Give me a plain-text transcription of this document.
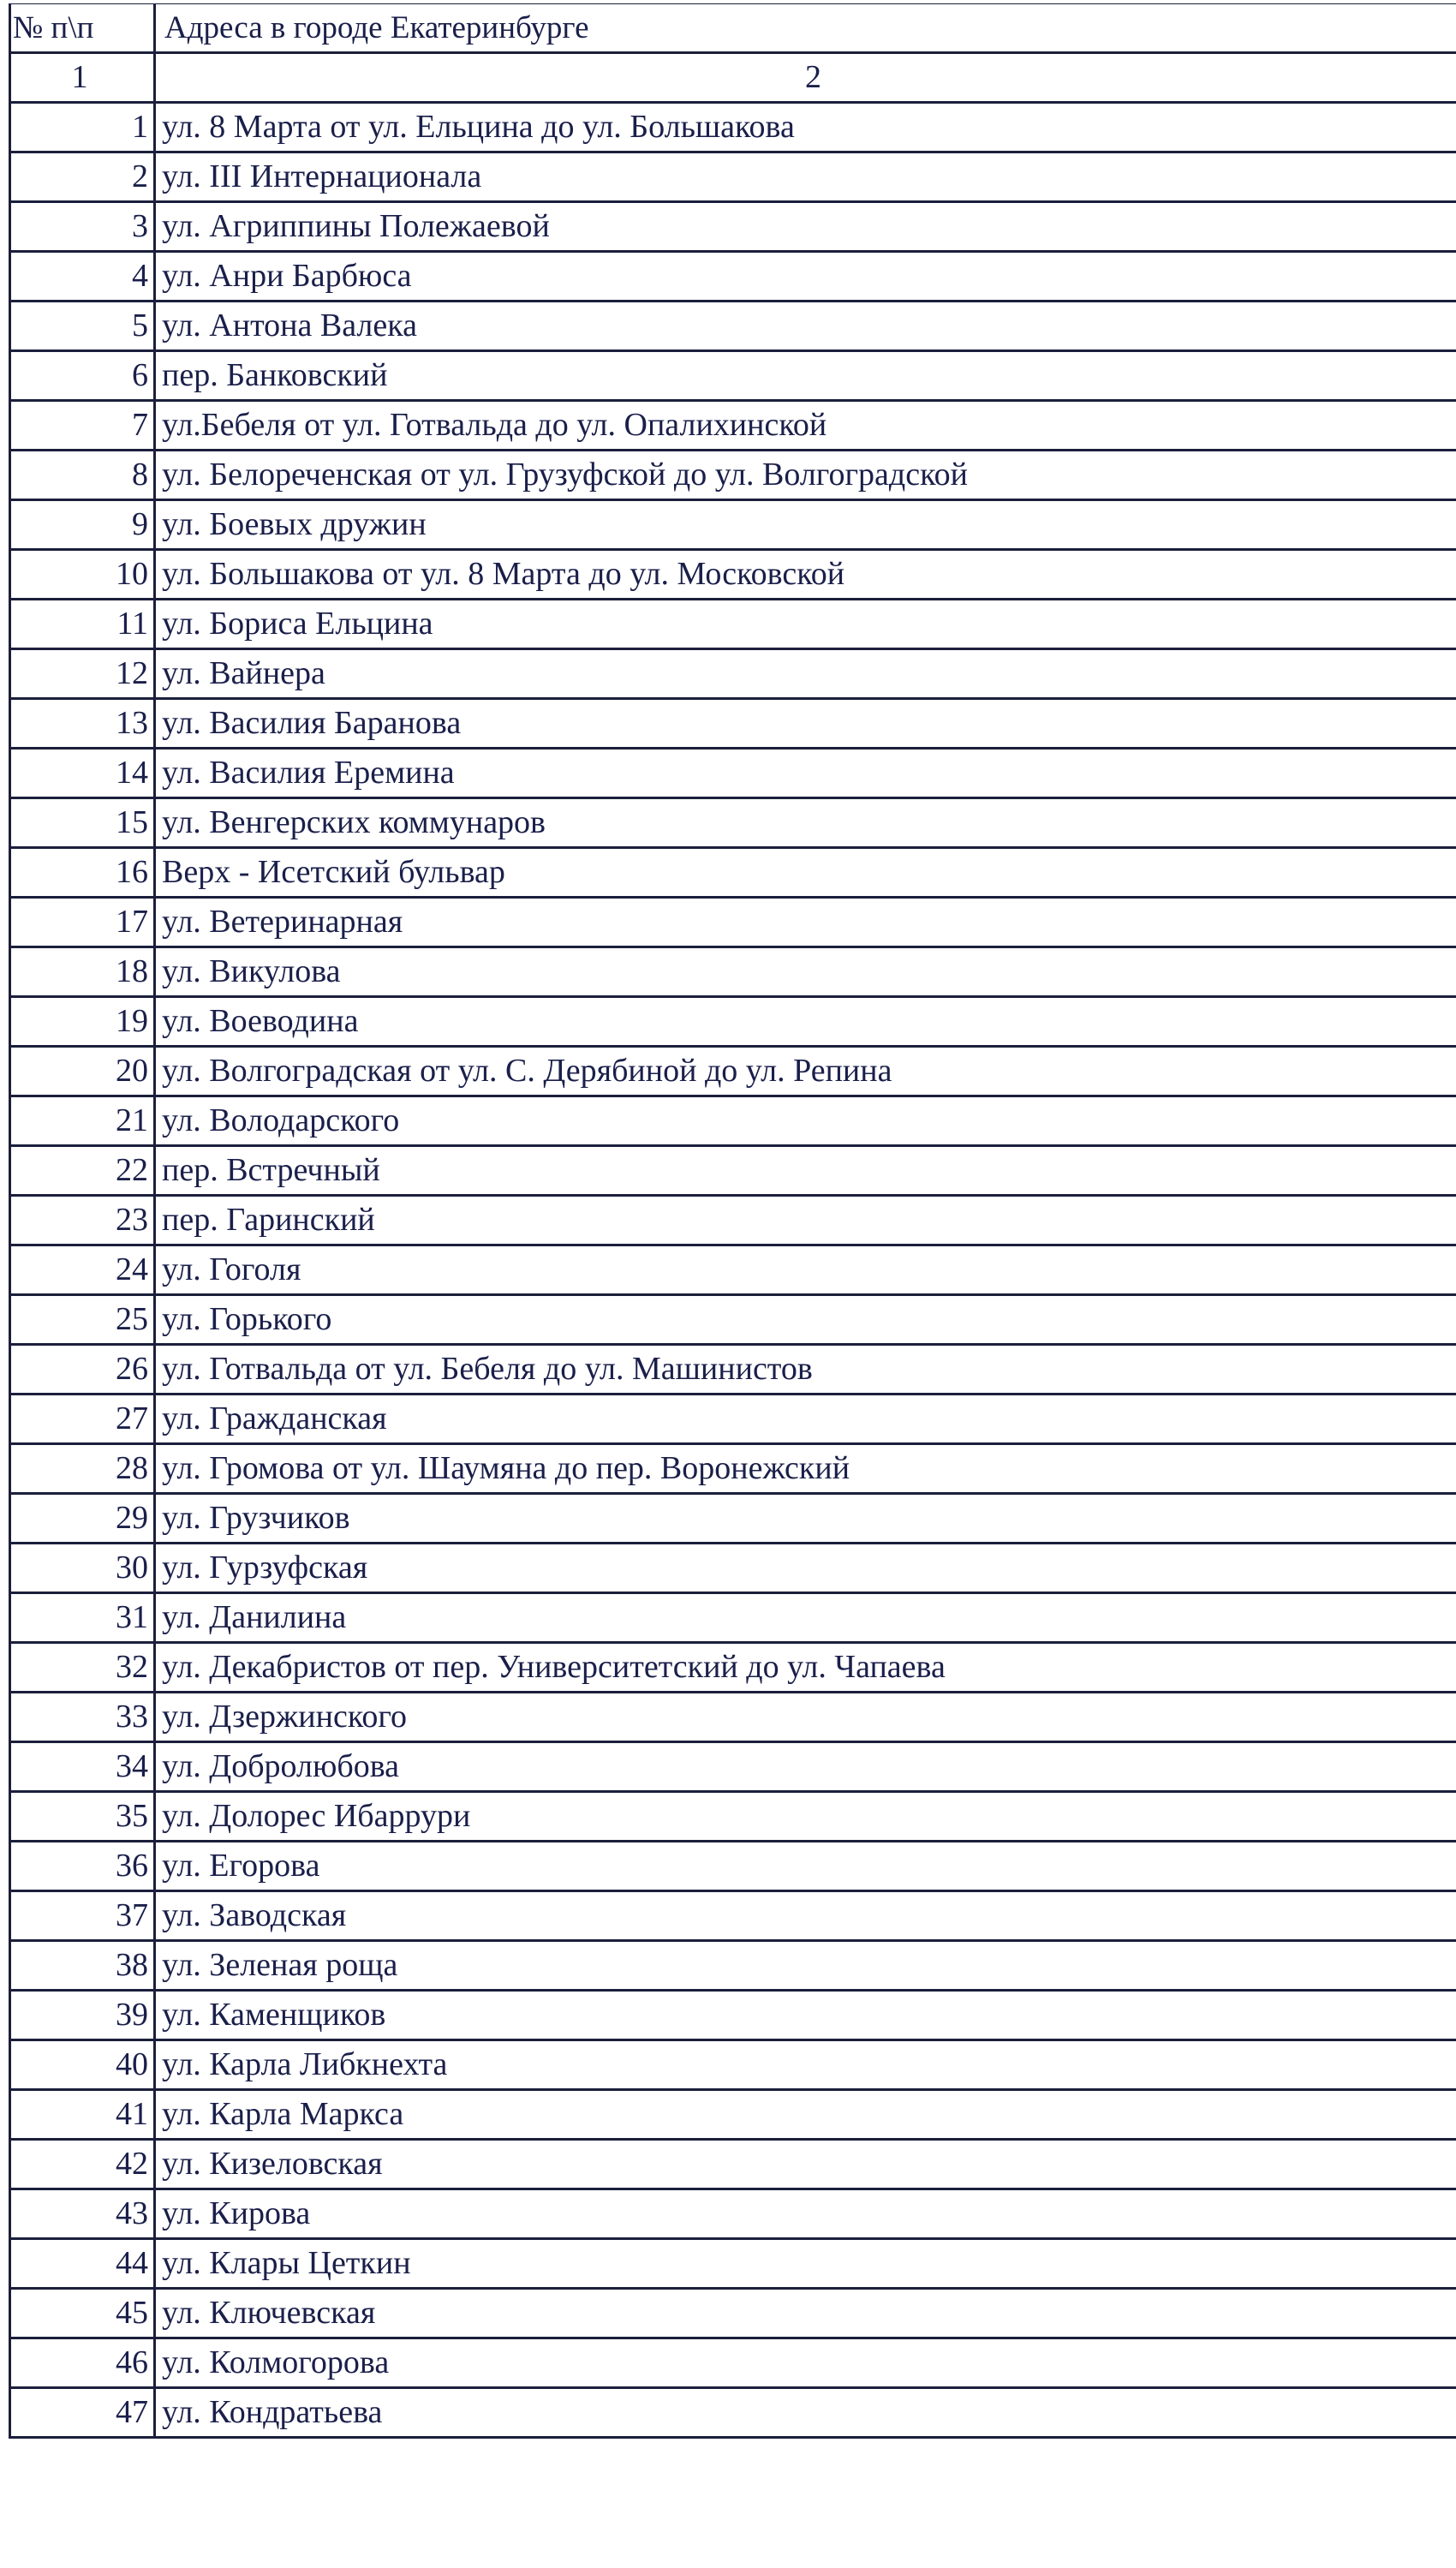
№ п\п	Адреса в городе Екатеринбурге
1	2
1	ул. 8 Марта от ул. Ельцина до ул. Большакова
2	ул. III Интернационала
3	ул. Агриппины Полежаевой
4	ул. Анри Барбюса
5	ул. Антона Валека
6	пер. Банковский
7	ул.Бебеля от ул. Готвальда до ул. Опалихинской
8	ул. Белореченская от ул. Грузуфской до ул. Волгоградской
9	ул. Боевых дружин
10	ул. Большакова от ул. 8 Марта до ул. Московской
11	ул. Бориса Ельцина
12	ул. Вайнера
13	ул. Василия Баранова
14	ул. Василия Еремина
15	ул. Венгерских коммунаров
16	Верх - Исетский бульвар
17	ул. Ветеринарная
18	ул. Викулова
19	ул. Воеводина
20	ул. Волгоградская от ул. С. Дерябиной до ул. Репина
21	ул. Володарского
22	пер. Встречный
23	пер. Гаринский
24	ул. Гоголя
25	ул. Горького
26	ул. Готвальда от ул. Бебеля до ул. Машинистов
27	ул. Гражданская
28	ул. Громова от ул. Шаумяна до пер. Воронежский
29	ул. Грузчиков
30	ул. Гурзуфская
31	ул. Данилина
32	ул. Декабристов от пер. Университетский до ул. Чапаева
33	ул. Дзержинского
34	ул. Добролюбова
35	ул. Долорес Ибаррури
36	ул. Егорова
37	ул. Заводская
38	ул. Зеленая роща
39	ул. Каменщиков
40	ул. Карла Либкнехта
41	ул. Карла Маркса
42	ул. Кизеловская
43	ул. Кирова
44	ул. Клары Цеткин
45	ул. Ключевская
46	ул. Колмогорова
47	ул. Кондратьева
